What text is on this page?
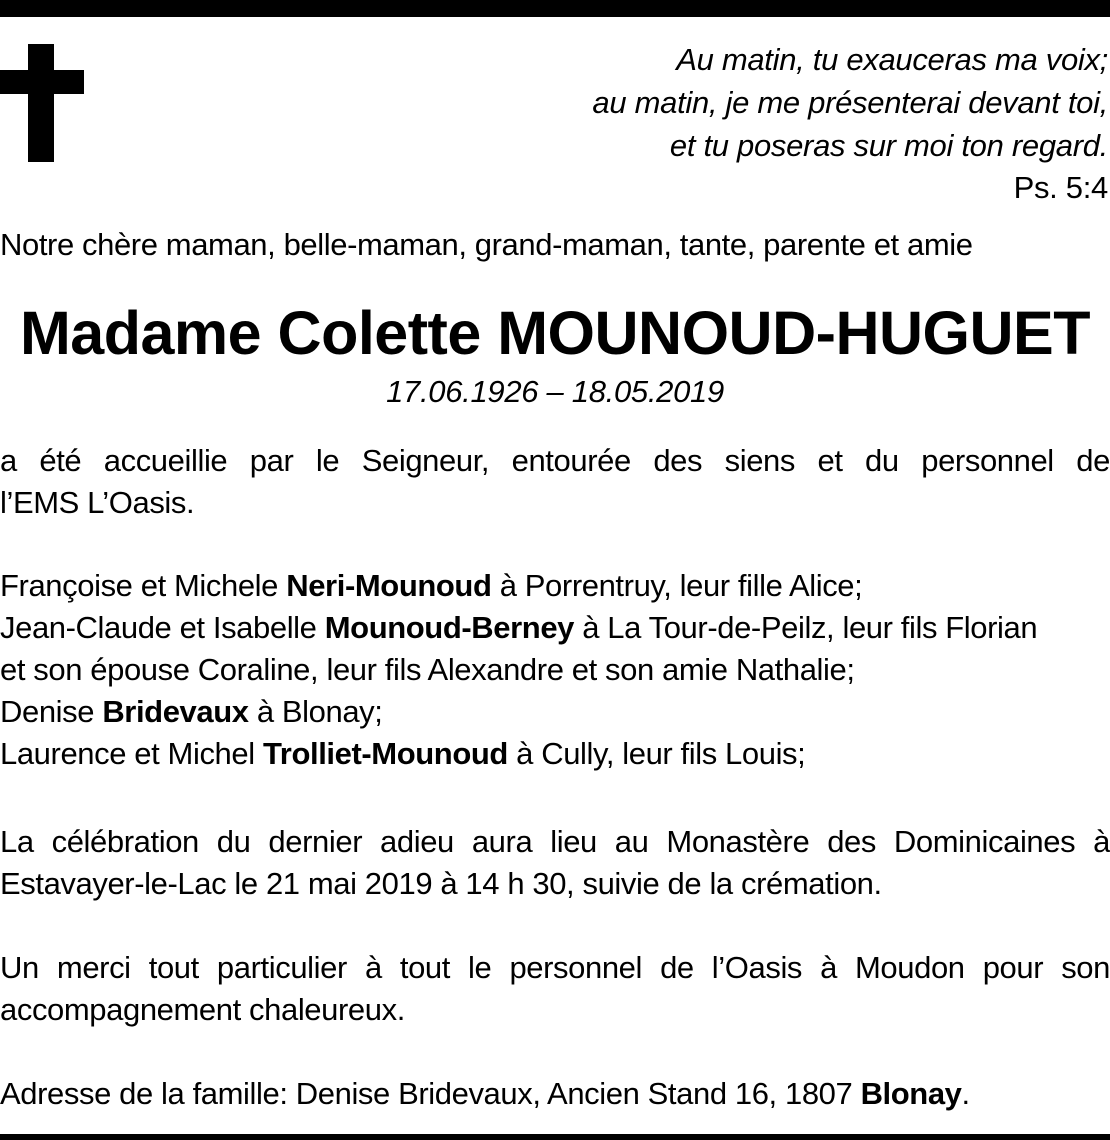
Au matin, tu exauceras ma voix;
au matin, je me présenterai devant toi,
et tu poseras sur moi ton regard.
Ps. 5:4
Notre chère maman, belle-maman, grand-maman, tante, parente et amie
Madame Colette MOUNOUD-HUGUET
17.06.1926 – 18.05.2019
a été accueillie par le Seigneur, entourée des siens et du personnel de
l’EMS L’Oasis.
Françoise et Michele Neri-Mounoud à Porrentruy, leur fille Alice;
Jean-Claude et Isabelle Mounoud-Berney à La Tour-de-Peilz, leur fils Florian
et son épouse Coraline, leur fils Alexandre et son amie Nathalie;
Denise Bridevaux à Blonay;
Laurence et Michel Trolliet-Mounoud à Cully, leur fils Louis;
La célébration du dernier adieu aura lieu au Monastère des Dominicaines à
Estavayer-le-Lac le 21 mai 2019 à 14 h 30, suivie de la crémation.
Un merci tout particulier à tout le personnel de l’Oasis à Moudon pour son
accompagnement chaleureux.
Adresse de la famille: Denise Bridevaux, Ancien Stand 16, 1807 Blonay.
